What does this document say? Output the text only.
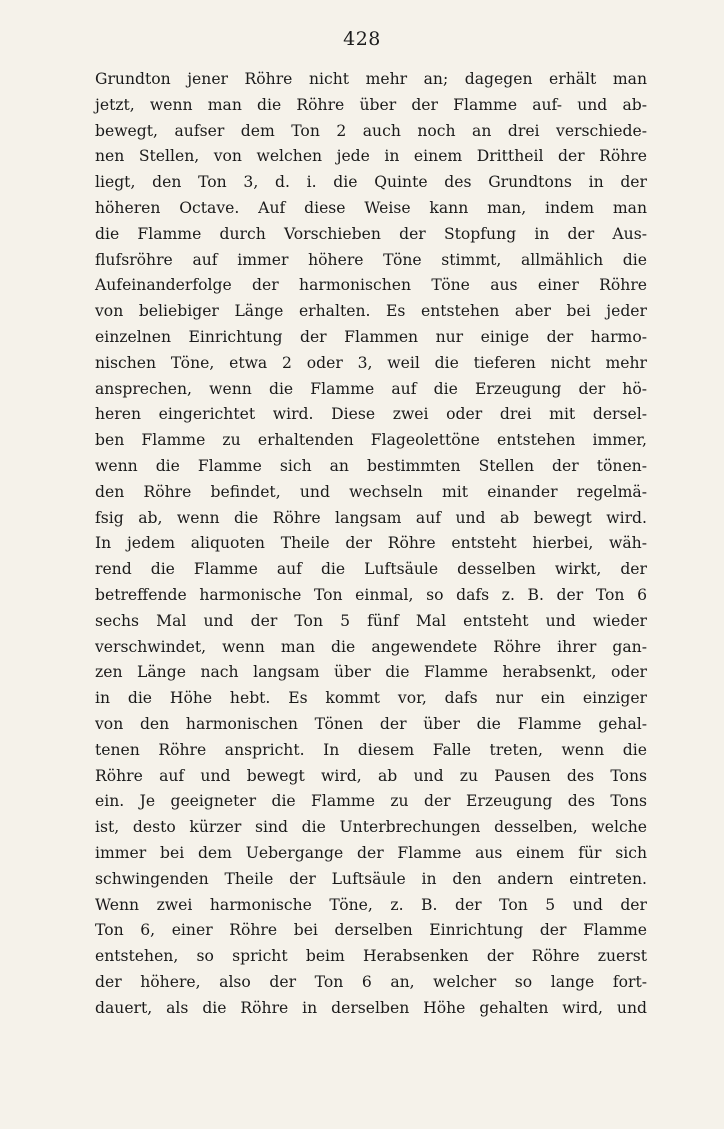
428
Grundton jener Röhre nicht mehr an; dagegen erhält man
jetzt, wenn man die Röhre über der Flamme auf- und ab-
bewegt, aufser dem Ton 2 auch noch an drei verschiede-
nen Stellen, von welchen jede in einem Drittheil der Röhre
liegt, den Ton 3, d. i. die Quinte des Grundtons in der
höheren Octave. Auf diese Weise kann man, indem man
die Flamme durch Vorschieben der Stopfung in der Aus-
flufsröhre auf immer höhere Töne stimmt, allmählich die
Aufeinanderfolge der harmonischen Töne aus einer Röhre
von beliebiger Länge erhalten. Es entstehen aber bei jeder
einzelnen Einrichtung der Flammen nur einige der harmo-
nischen Töne, etwa 2 oder 3, weil die tieferen nicht mehr
ansprechen, wenn die Flamme auf die Erzeugung der hö-
heren eingerichtet wird. Diese zwei oder drei mit dersel-
ben Flamme zu erhaltenden Flageolettöne entstehen immer,
wenn die Flamme sich an bestimmten Stellen der tönen-
den Röhre befindet, und wechseln mit einander regelmä-
fsig ab, wenn die Röhre langsam auf und ab bewegt wird.
In jedem aliquoten Theile der Röhre entsteht hierbei, wäh-
rend die Flamme auf die Luftsäule desselben wirkt, der
betreffende harmonische Ton einmal, so dafs z. B. der Ton 6
sechs Mal und der Ton 5 fünf Mal entsteht und wieder
verschwindet, wenn man die angewendete Röhre ihrer gan-
zen Länge nach langsam über die Flamme herabsenkt, oder
in die Höhe hebt. Es kommt vor, dafs nur ein einziger
von den harmonischen Tönen der über die Flamme gehal-
tenen Röhre anspricht. In diesem Falle treten, wenn die
Röhre auf und bewegt wird, ab und zu Pausen des Tons
ein. Je geeigneter die Flamme zu der Erzeugung des Tons
ist, desto kürzer sind die Unterbrechungen desselben, welche
immer bei dem Uebergange der Flamme aus einem für sich
schwingenden Theile der Luftsäule in den andern eintreten.
Wenn zwei harmonische Töne, z. B. der Ton 5 und der
Ton 6, einer Röhre bei derselben Einrichtung der Flamme
entstehen, so spricht beim Herabsenken der Röhre zuerst
der höhere, also der Ton 6 an, welcher so lange fort-
dauert, als die Röhre in derselben Höhe gehalten wird, und
